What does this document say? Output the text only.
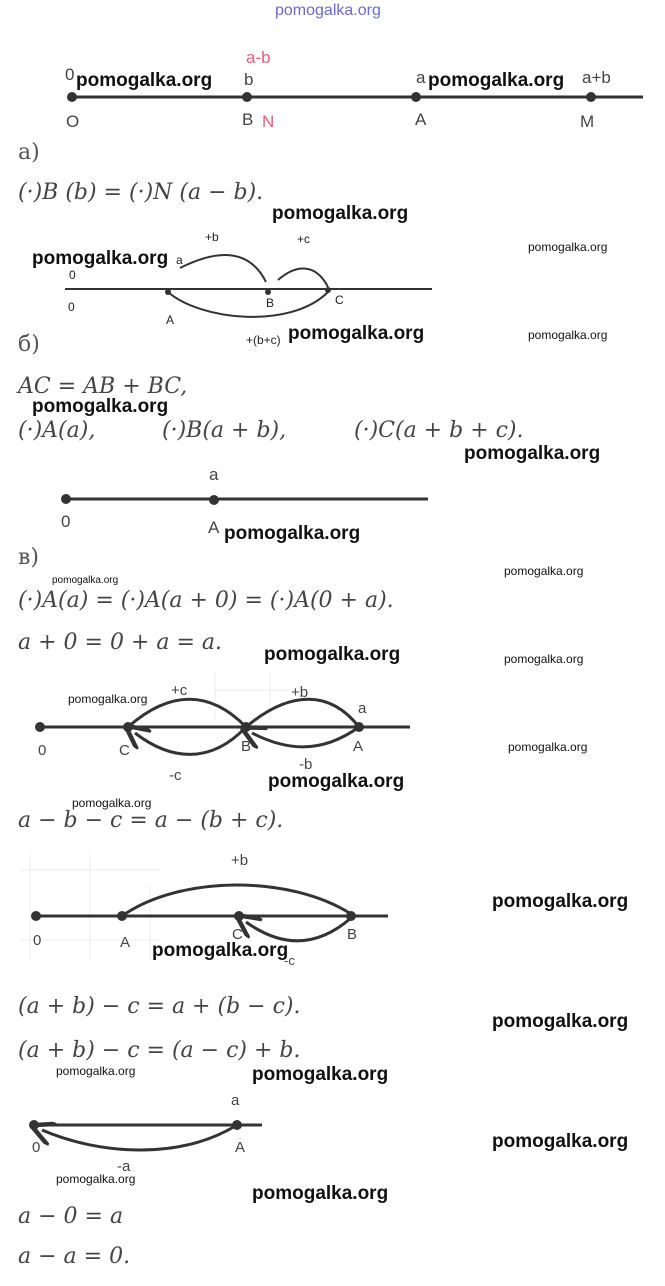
pomogalka.org
0
a-b
b	a	a+b
O	B N	A	M
pomogalka.org	pomogalka.org
а)
(·)B (b) = (·)N (a − b).
pomogalka.org
pomogalka.org
pomogalka.org
+b	+c
+(b+c)
0
0
a
A
B	C
pomogalka.org	pomogalka.org
б)
AC = AB + BC,
pomogalka.org
(·)A(a),	(·)B(a + b),	(·)C(a + b + c).
pomogalka.org
a
0	A pomogalka.org
в)
pomogalka.org
pomogalka.org
(·)A(a) = (·)A(a + 0) = (·)A(0 + a).
a + 0 = 0 + a = a. pomogalka.org	pomogalka.org
pomogalka.org +c	+b
a
0	C	B	A
-c
-b
pomogalka.org
pomogalka.org
pomogalka.org
a − b − c = a − (b + c).
+b
0	A	C	B
-c
pomogalka.org
pomogalka.org
(a + b) − c = a + (b − c).
pomogalka.org
(a + b) − c = (a − c) + b.
pomogalka.org	pomogalka.org
a
0	A
-a
pomogalka.org
pomogalka.org
pomogalka.org
a − 0 = a
a − a = 0.
